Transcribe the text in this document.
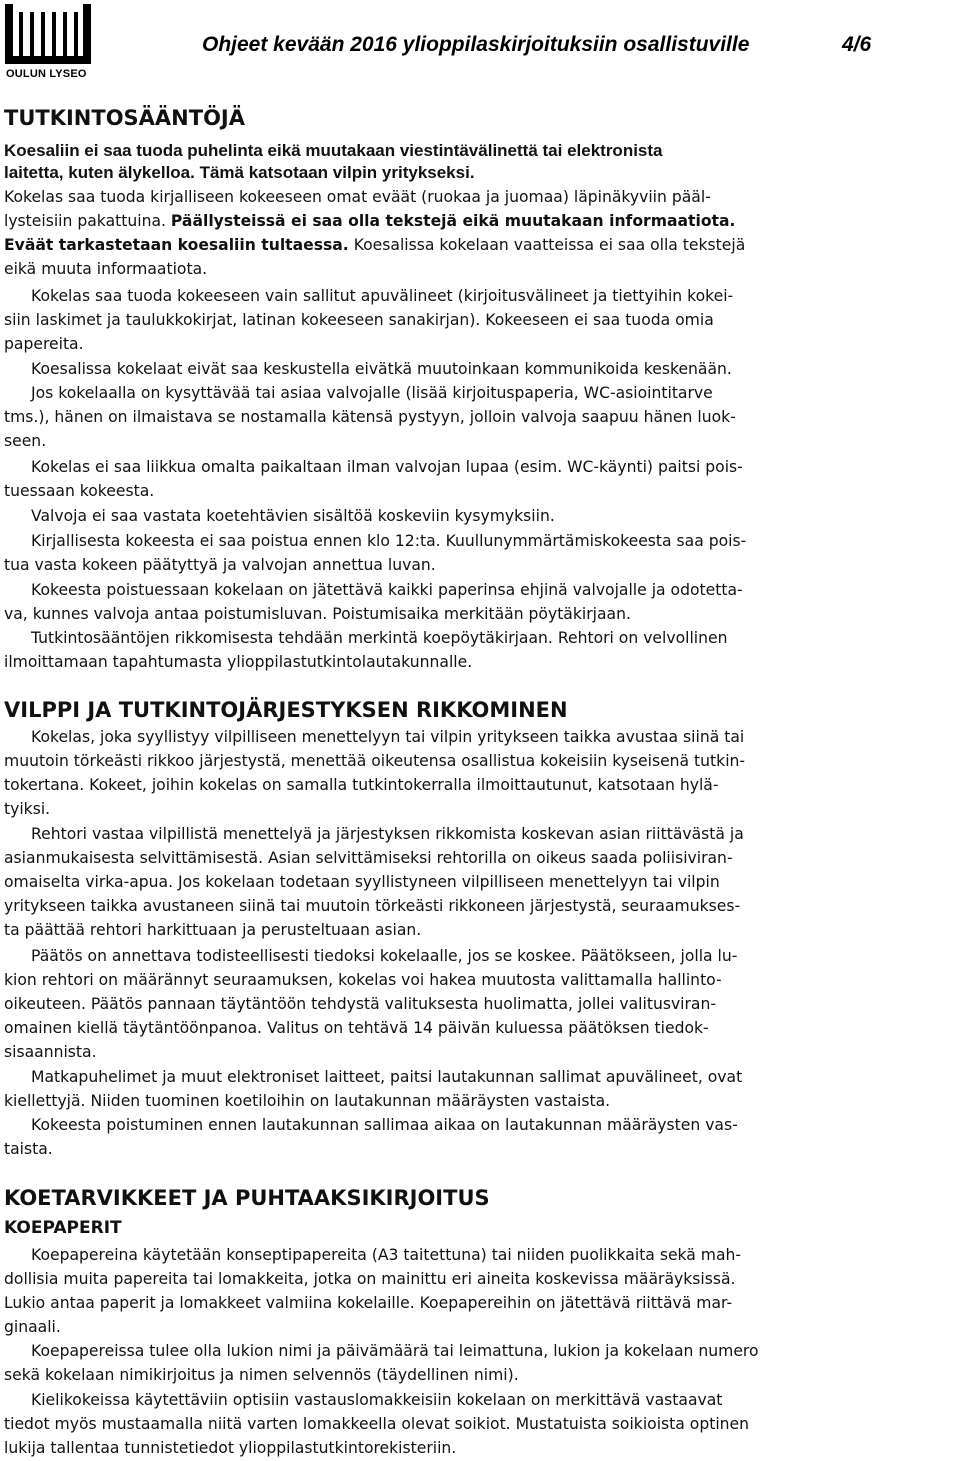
OULUN LYSEO
Ohjeet kevään 2016 ylioppilaskirjoituksiin osallistuville	4/6
TUTKINTOSÄÄNTÖJÄ
Koesaliin ei saa tuoda puhelinta eikä muutakaan viestintävälinettä tai elektronista
laitetta, kuten älykelloa. Tämä katsotaan vilpin yritykseksi.
Kokelas saa tuoda kirjalliseen kokeeseen omat eväät (ruokaa ja juomaa) läpinäkyviin pääl-
lysteisiin pakattuina. Päällysteissä ei saa olla tekstejä eikä muutakaan informaatiota.
Eväät tarkastetaan koesaliin tultaessa. Koesalissa kokelaan vaatteissa ei saa olla tekstejä
eikä muuta informaatiota.
Kokelas saa tuoda kokeeseen vain sallitut apuvälineet (kirjoitusvälineet ja tiettyihin kokei-
siin laskimet ja taulukkokirjat, latinan kokeeseen sanakirjan). Kokeeseen ei saa tuoda omia
papereita.
Koesalissa kokelaat eivät saa keskustella eivätkä muutoinkaan kommunikoida keskenään.
Jos kokelaalla on kysyttävää tai asiaa valvojalle (lisää kirjoituspaperia, WC-asiointitarve
tms.), hänen on ilmaistava se nostamalla kätensä pystyyn, jolloin valvoja saapuu hänen luok-
seen.
Kokelas ei saa liikkua omalta paikaltaan ilman valvojan lupaa (esim. WC-käynti) paitsi pois-
tuessaan kokeesta.
Valvoja ei saa vastata koetehtävien sisältöä koskeviin kysymyksiin.
Kirjallisesta kokeesta ei saa poistua ennen klo 12:ta. Kuullunymmärtämiskokeesta saa pois-
tua vasta kokeen päätyttyä ja valvojan annettua luvan.
Kokeesta poistuessaan kokelaan on jätettävä kaikki paperinsa ehjinä valvojalle ja odotetta-
va, kunnes valvoja antaa poistumisluvan. Poistumisaika merkitään pöytäkirjaan.
Tutkintosääntöjen rikkomisesta tehdään merkintä koepöytäkirjaan. Rehtori on velvollinen
ilmoittamaan tapahtumasta ylioppilastutkintolautakunnalle.
VILPPI JA TUTKINTOJÄRJESTYKSEN RIKKOMINEN
Kokelas, joka syyllistyy vilpilliseen menettelyyn tai vilpin yritykseen taikka avustaa siinä tai
muutoin törkeästi rikkoo järjestystä, menettää oikeutensa osallistua kokeisiin kyseisenä tutkin-
tokertana. Kokeet, joihin kokelas on samalla tutkintokerralla ilmoittautunut, katsotaan hylä-
tyiksi.
Rehtori vastaa vilpillistä menettelyä ja järjestyksen rikkomista koskevan asian riittävästä ja
asianmukaisesta selvittämisestä. Asian selvittämiseksi rehtorilla on oikeus saada poliisiviran-
omaiselta virka-apua. Jos kokelaan todetaan syyllistyneen vilpilliseen menettelyyn tai vilpin
yritykseen taikka avustaneen siinä tai muutoin törkeästi rikkoneen järjestystä, seuraamukses-
ta päättää rehtori harkittuaan ja perusteltuaan asian.
Päätös on annettava todisteellisesti tiedoksi kokelaalle, jos se koskee. Päätökseen, jolla lu-
kion rehtori on määrännyt seuraamuksen, kokelas voi hakea muutosta valittamalla hallinto-
oikeuteen. Päätös pannaan täytäntöön tehdystä valituksesta huolimatta, jollei valitusviran-
omainen kiellä täytäntöönpanoa. Valitus on tehtävä 14 päivän kuluessa päätöksen tiedok-
sisaannista.
Matkapuhelimet ja muut elektroniset laitteet, paitsi lautakunnan sallimat apuvälineet, ovat
kiellettyjä. Niiden tuominen koetiloihin on lautakunnan määräysten vastaista.
Kokeesta poistuminen ennen lautakunnan sallimaa aikaa on lautakunnan määräysten vas-
taista.
KOETARVIKKEET JA PUHTAAKSIKIRJOITUS
KOEPAPERIT
Koepapereina käytetään konseptipapereita (A3 taitettuna) tai niiden puolikkaita sekä mah-
dollisia muita papereita tai lomakkeita, jotka on mainittu eri aineita koskevissa määräyksissä.
Lukio antaa paperit ja lomakkeet valmiina kokelaille. Koepapereihin on jätettävä riittävä mar-
ginaali.
Koepapereissa tulee olla lukion nimi ja päivämäärä tai leimattuna, lukion ja kokelaan numero
sekä kokelaan nimikirjoitus ja nimen selvennös (täydellinen nimi).
Kielikokeissa käytettäviin optisiin vastauslomakkeisiin kokelaan on merkittävä vastaavat
tiedot myös mustaamalla niitä varten lomakkeella olevat soikiot. Mustatuista soikioista optinen
lukija tallentaa tunnistetiedot ylioppilastutkintorekisteriin.
